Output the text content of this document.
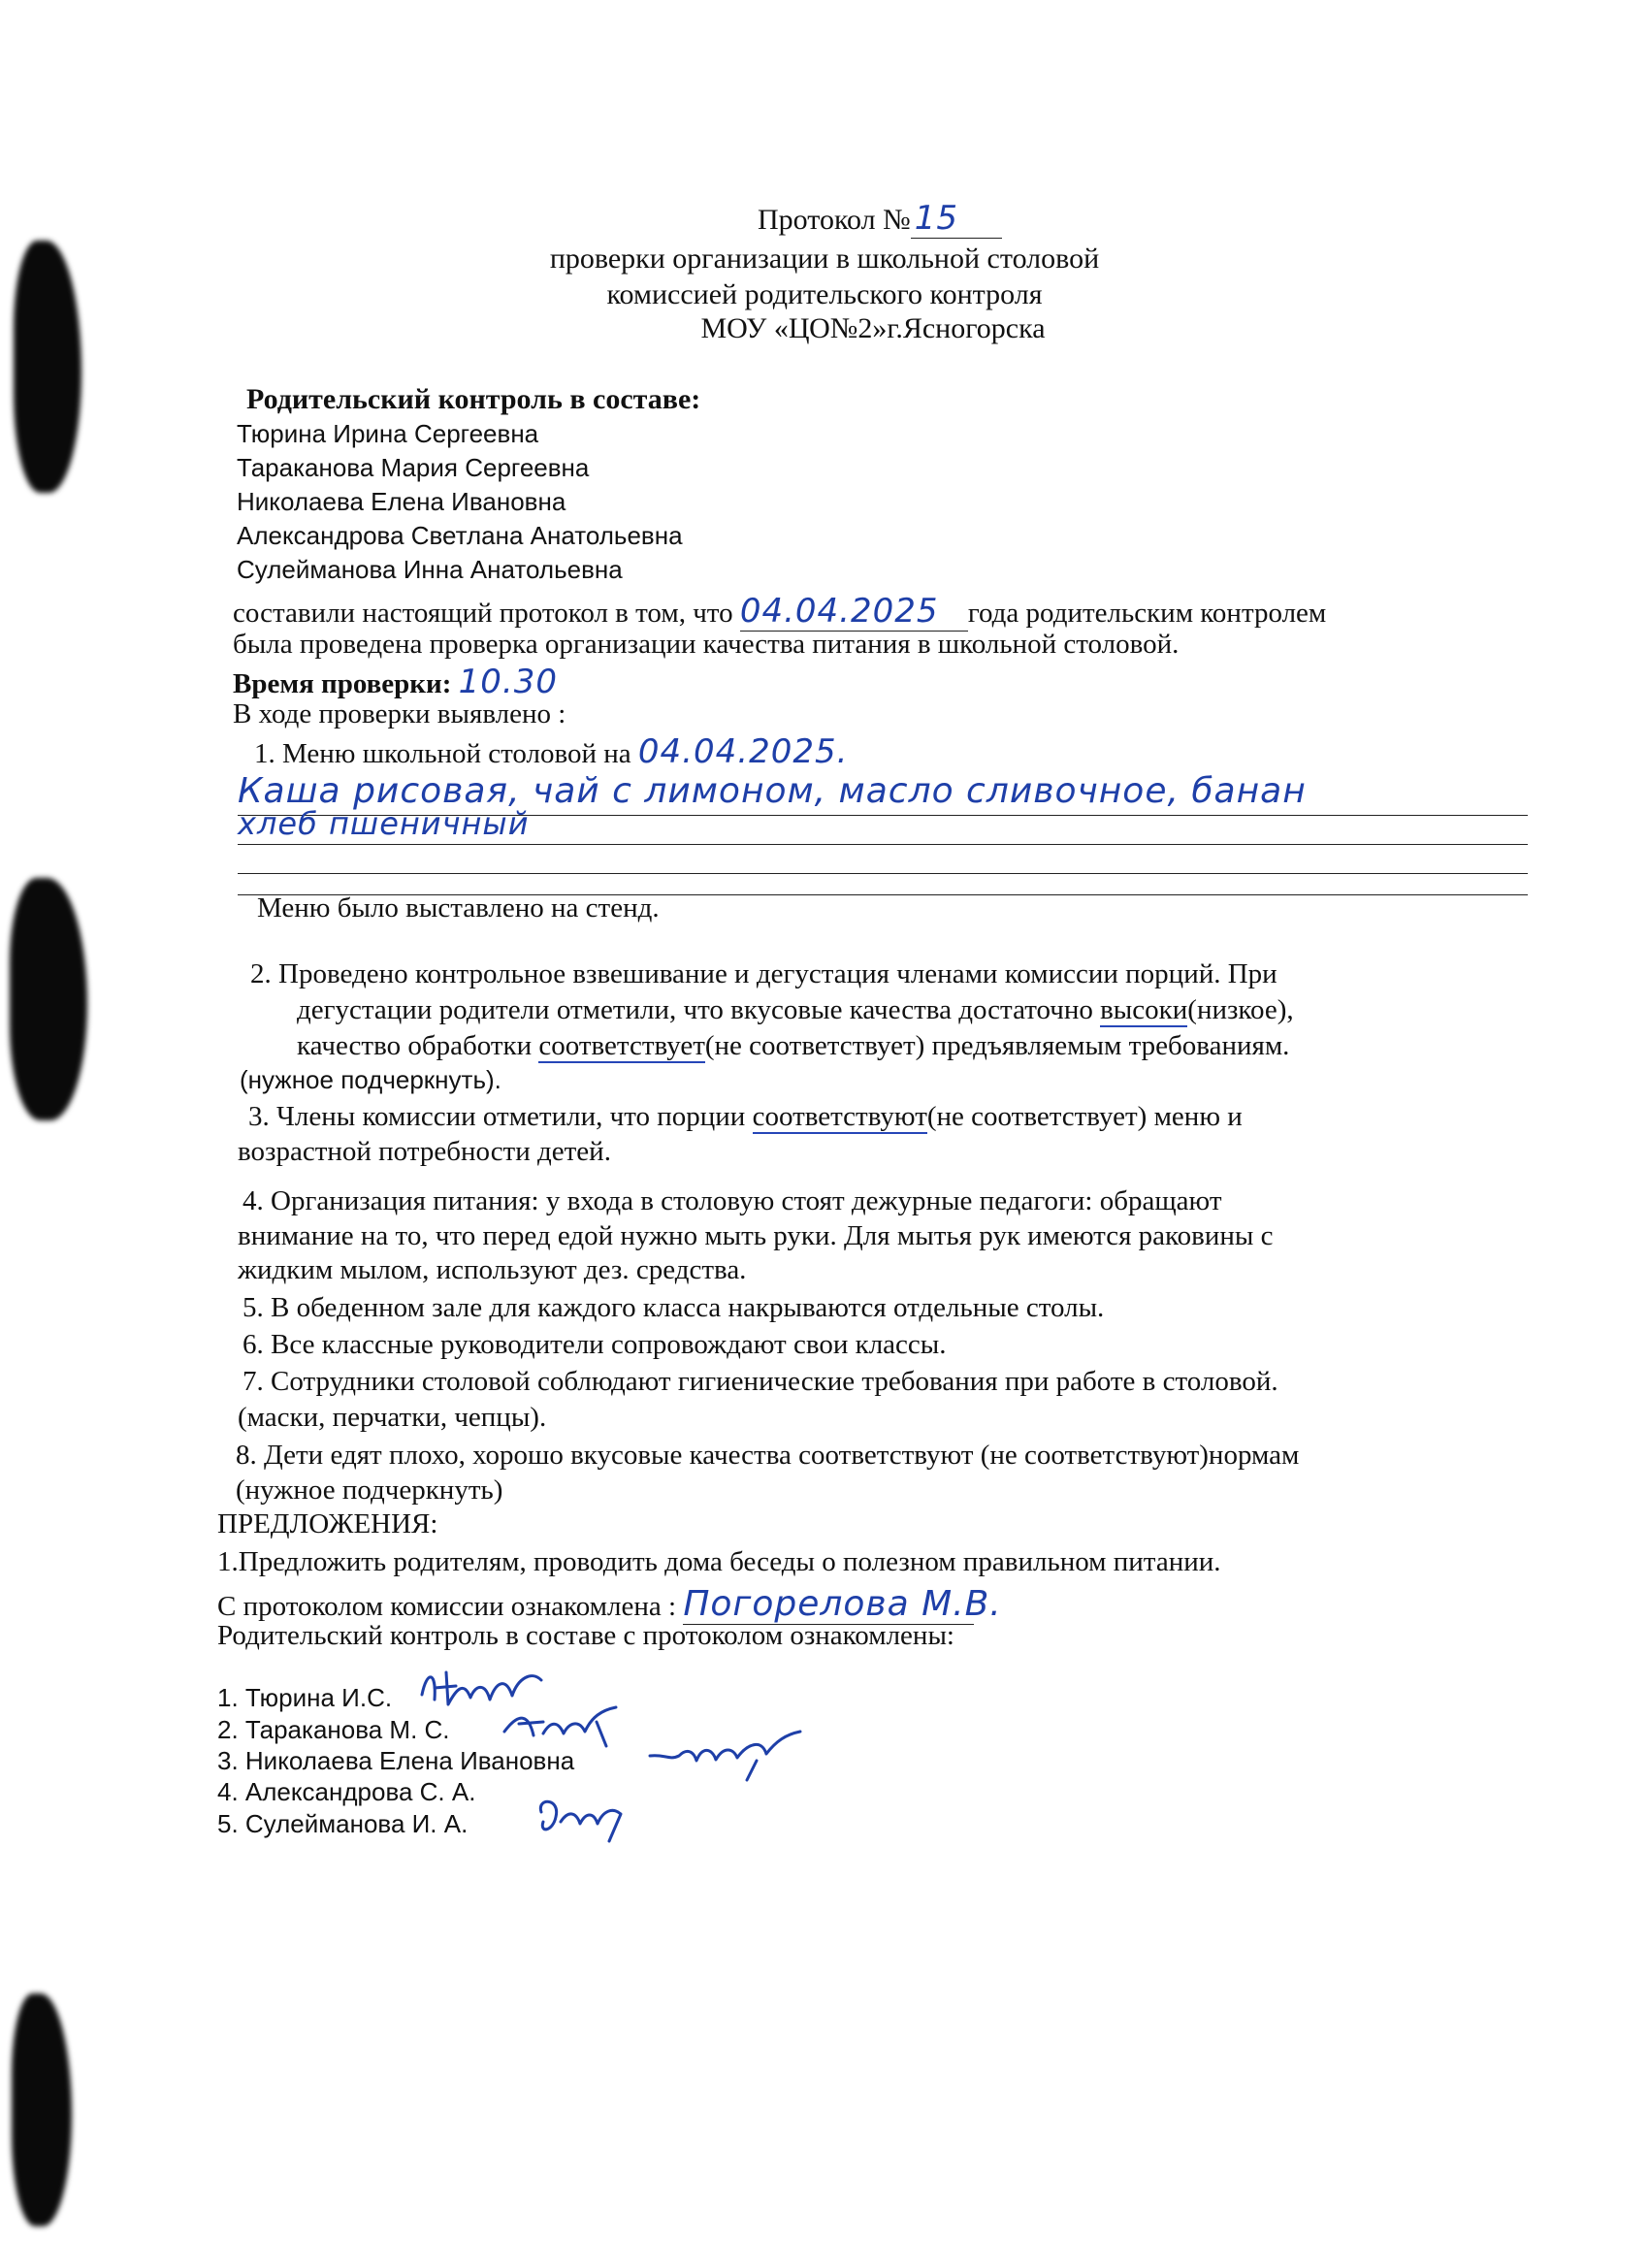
Протокол № 15
проверки организации в школьной столовой
комиссией родительского контроля
МОУ «ЦО№2»г.Ясногорска
Родительский контроль в составе:
Тюрина Ирина Сергеевна
Тараканова Мария Сергеевна
Николаева Елена Ивановна
Александрова Светлана Анатольевна
Сулейманова Инна Анатольевна
составили настоящий протокол в том, что 04.04.2025 года родительским контролем
была проведена проверка организации качества питания в школьной столовой.
Время проверки: 10.30
В ходе проверки выявлено :
1. Меню школьной столовой на 04.04.2025.
Каша рисовая, чай с лимоном, масло сливочное, банан
хлеб пшеничный
Меню было выставлено на стенд.
2. Проведено контрольное взвешивание и дегустация членами комиссии порций. При
дегустации родители отметили, что вкусовые качества достаточно высоки(низкое),
качество обработки соответствует(не соответствует) предъявляемым требованиям.
(нужное подчеркнуть).
3. Члены комиссии отметили, что порции соответствуют(не соответствует) меню и
возрастной потребности детей.
4. Организация питания: у входа в столовую стоят дежурные педагоги: обращают
внимание на то, что перед едой нужно мыть руки. Для мытья рук имеются раковины с
жидким мылом, используют дез. средства.
5. В обеденном зале для каждого класса накрываются отдельные столы.
6. Все классные руководители сопровождают свои классы.
7. Сотрудники столовой соблюдают гигиенические требования при работе в столовой.
(маски, перчатки, чепцы).
8. Дети едят плохо, хорошо вкусовые качества соответствуют (не соответствуют)нормам
(нужное подчеркнуть)
ПРЕДЛОЖЕНИЯ:
1.Предложить родителям, проводить дома беседы о полезном правильном питании.
С протоколом комиссии ознакомлена : Погорелова М.В.
Родительский контроль в составе с протоколом ознакомлены:
1. Тюрина И.С.
2. Тараканова М. С.
3. Николаева Елена Ивановна
4. Александрова С. А.
5. Сулейманова И. А.
